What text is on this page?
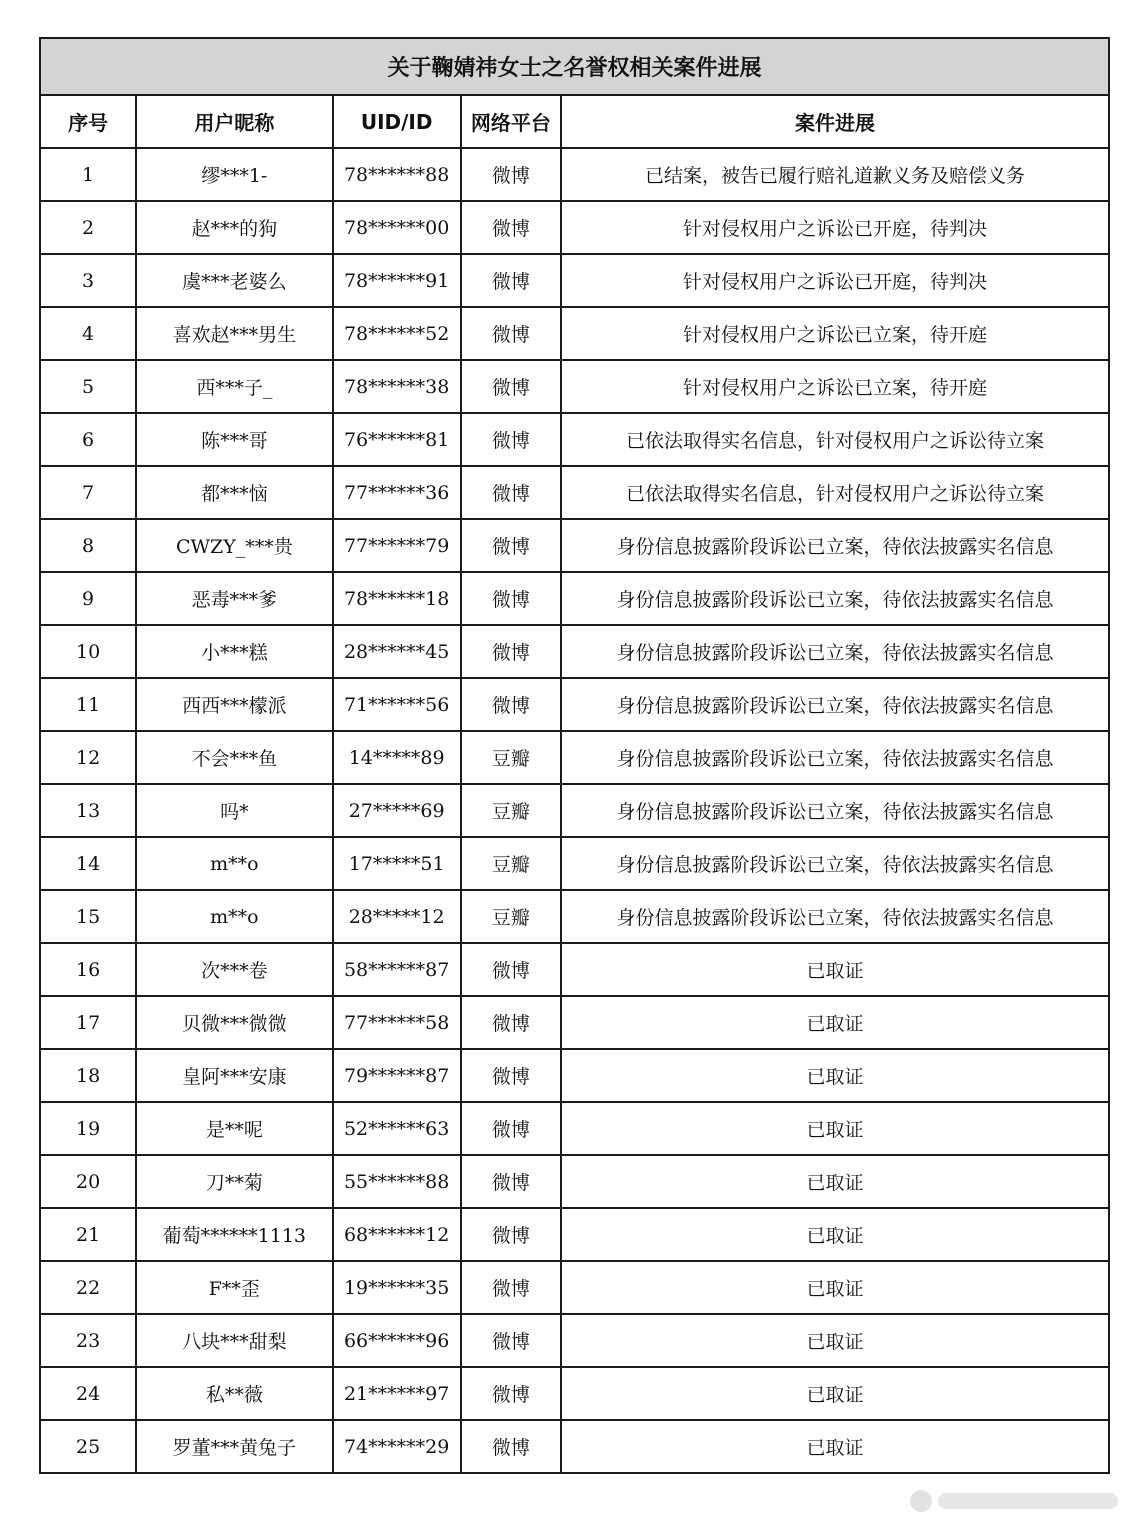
关于鞠婧祎女士之名誉权相关案件进展				
序号	用户昵称	UID/ID	网络平台	案件进展
1	缪***1-	78******88	微博	已结案，被告已履行赔礼道歉义务及赔偿义务
2	赵***的狗	78******00	微博	针对侵权用户之诉讼已开庭，待判决
3	虞***老婆么	78******91	微博	针对侵权用户之诉讼已开庭，待判决
4	喜欢赵***男生	78******52	微博	针对侵权用户之诉讼已立案，待开庭
5	西***子_	78******38	微博	针对侵权用户之诉讼已立案，待开庭
6	陈***哥	76******81	微博	已依法取得实名信息，针对侵权用户之诉讼待立案
7	都***恼	77******36	微博	已依法取得实名信息，针对侵权用户之诉讼待立案
8	CWZY_***贵	77******79	微博	身份信息披露阶段诉讼已立案，待依法披露实名信息
9	恶毒***爹	78******18	微博	身份信息披露阶段诉讼已立案，待依法披露实名信息
10	小***糕	28******45	微博	身份信息披露阶段诉讼已立案，待依法披露实名信息
11	西西***檬派	71******56	微博	身份信息披露阶段诉讼已立案，待依法披露实名信息
12	不会***鱼	14*****89	豆瓣	身份信息披露阶段诉讼已立案，待依法披露实名信息
13	吗*	27*****69	豆瓣	身份信息披露阶段诉讼已立案，待依法披露实名信息
14	m**o	17*****51	豆瓣	身份信息披露阶段诉讼已立案，待依法披露实名信息
15	m**o	28*****12	豆瓣	身份信息披露阶段诉讼已立案，待依法披露实名信息
16	次***卷	58******87	微博	已取证
17	贝微***微微	77******58	微博	已取证
18	皇阿***安康	79******87	微博	已取证
19	是**呢	52******63	微博	已取证
20	刀**菊	55******88	微博	已取证
21	葡萄******1113	68******12	微博	已取证
22	F**歪	19******35	微博	已取证
23	八块***甜梨	66******96	微博	已取证
24	私**薇	21******97	微博	已取证
25	罗董***黄兔子	74******29	微博	已取证
